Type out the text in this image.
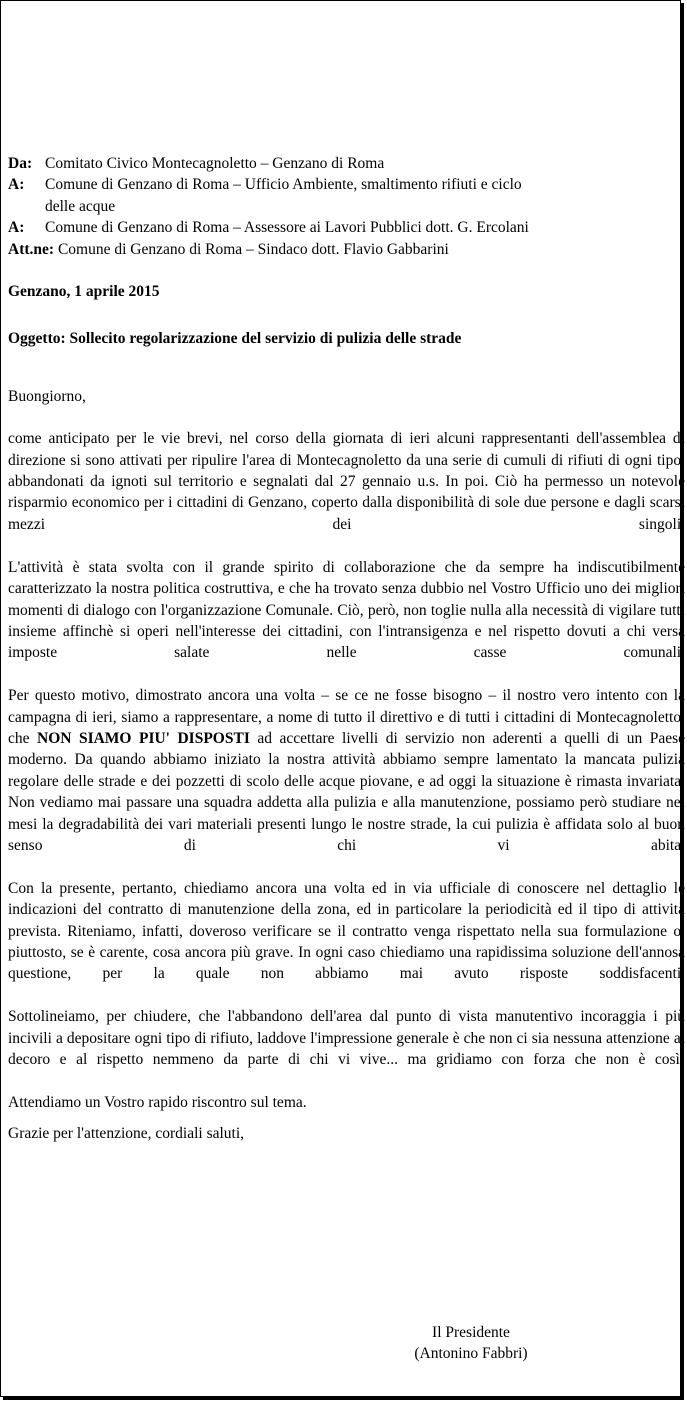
Da: Comitato Civico Montecagnoletto – Genzano di Roma
A:	Comune di Genzano di Roma – Ufficio Ambiente, smaltimento rifiuti e ciclo
delle acque
A:	Comune di Genzano di Roma – Assessore ai Lavori Pubblici dott. G. Ercolani
Att.ne: Comune di Genzano di Roma – Sindaco dott. Flavio Gabbarini
Genzano, 1 aprile 2015
Oggetto: Sollecito regolarizzazione del servizio di pulizia delle strade
Buongiorno,

come anticipato per le vie brevi, nel corso della giornata di ieri alcuni rappresentanti dell'assemblea di direzione si sono attivati per ripulire l'area di Montecagnoletto da una serie di cumuli di rifiuti di ogni tipo, abbandonati da ignoti sul territorio e segnalati dal 27 gennaio u.s. In poi. Ciò ha permesso un notevole risparmio economico per i cittadini di Genzano, coperto dalla disponibilità di sole due persone e dagli scarsi mezzi dei singoli.

L'attività è stata svolta con il grande spirito di collaborazione che da sempre ha indiscutibilmente caratterizzato la nostra politica costruttiva, e che ha trovato senza dubbio nel Vostro Ufficio uno dei migliori momenti di dialogo con l'organizzazione Comunale. Ciò, però, non toglie nulla alla necessità di vigilare tutti insieme affinchè si operi nell'interesse dei cittadini, con l'intransigenza e nel rispetto dovuti a chi versa imposte salate nelle casse comunali.

Per questo motivo, dimostrato ancora una volta – se ce ne fosse bisogno – il nostro vero intento con la campagna di ieri, siamo a rappresentare, a nome di tutto il direttivo e di tutti i cittadini di Montecagnoletto, che NON SIAMO PIU' DISPOSTI ad accettare livelli di servizio non aderenti a quelli di un Paese moderno. Da quando abbiamo iniziato la nostra attività abbiamo sempre lamentato la mancata pulizia regolare delle strade e dei pozzetti di scolo delle acque piovane, e ad oggi la situazione è rimasta invariata. Non vediamo mai passare una squadra addetta alla pulizia e alla manutenzione, possiamo però studiare nei mesi la degradabilità dei vari materiali presenti lungo le nostre strade, la cui pulizia è affidata solo al buon senso di chi vi abita.

Con la presente, pertanto, chiediamo ancora una volta ed in via ufficiale di conoscere nel dettaglio le indicazioni del contratto di manutenzione della zona, ed in particolare la periodicità ed il tipo di attività prevista. Riteniamo, infatti, doveroso verificare se il contratto venga rispettato nella sua formulazione o, piuttosto, se è carente, cosa ancora più grave. In ogni caso chiediamo una rapidissima soluzione dell'annosa questione, per la quale non abbiamo mai avuto risposte soddisfacenti.

Sottolineiamo, per chiudere, che l'abbandono dell'area dal punto di vista manutentivo incoraggia i più incivili a depositare ogni tipo di rifiuto, laddove l'impressione generale è che non ci sia nessuna attenzione al decoro e al rispetto nemmeno da parte di chi vi vive... ma gridiamo con forza che non è così!

Attendiamo un Vostro rapido riscontro sul tema.
Grazie per l'attenzione, cordiali saluti,
Il Presidente
(Antonino Fabbri)
